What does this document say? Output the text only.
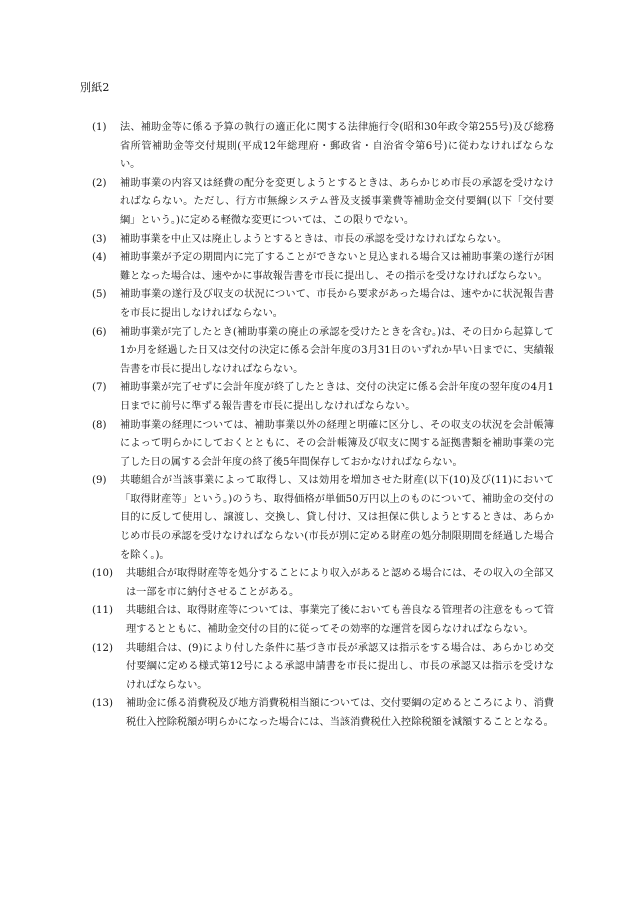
別紙2
(1)	法、補助金等に係る予算の執行の適正化に関する法律施行令(昭和30年政令第255号)及び総務省所管補助金等交付規則(平成12年総理府・郵政省・自治省令第6号)に従わなければならない。
(2)	補助事業の内容又は経費の配分を変更しようとするときは、あらかじめ市長の承認を受けなければならない。ただし、行方市無線システム普及支援事業費等補助金交付要綱(以下「交付要綱」という。)に定める軽微な変更については、この限りでない。
(3)	補助事業を中止又は廃止しようとするときは、市長の承認を受けなければならない。
(4)	補助事業が予定の期間内に完了することができないと見込まれる場合又は補助事業の遂行が困難となった場合は、速やかに事故報告書を市長に提出し、その指示を受けなければならない。
(5)	補助事業の遂行及び収支の状況について、市長から要求があった場合は、速やかに状況報告書を市長に提出しなければならない。
(6)	補助事業が完了したとき(補助事業の廃止の承認を受けたときを含む。)は、その日から起算して1か月を経過した日又は交付の決定に係る会計年度の3月31日のいずれか早い日までに、実績報告書を市長に提出しなければならない。
(7)	補助事業が完了せずに会計年度が終了したときは、交付の決定に係る会計年度の翌年度の4月1日までに前号に準ずる報告書を市長に提出しなければならない。
(8)	補助事業の経理については、補助事業以外の経理と明確に区分し、その収支の状況を会計帳簿によって明らかにしておくとともに、その会計帳簿及び収支に関する証拠書類を補助事業の完了した日の属する会計年度の終了後5年間保存しておかなければならない。
(9)	共聴組合が当該事業によって取得し、又は効用を増加させた財産(以下(10)及び(11)において「取得財産等」という。)のうち、取得価格が単価50万円以上のものについて、補助金の交付の目的に反して使用し、譲渡し、交換し、貸し付け、又は担保に供しようとするときは、あらかじめ市長の承認を受けなければならない(市長が別に定める財産の処分制限期間を経過した場合を除く。)。
(10)	共聴組合が取得財産等を処分することにより収入があると認める場合には、その収入の全部又は一部を市に納付させることがある。
(11)	共聴組合は、取得財産等については、事業完了後においても善良なる管理者の注意をもって管理するとともに、補助金交付の目的に従ってその効率的な運営を図らなければならない。
(12)	共聴組合は、(9)により付した条件に基づき市長が承認又は指示をする場合は、あらかじめ交付要綱に定める様式第12号による承認申請書を市長に提出し、市長の承認又は指示を受けなければならない。
(13)	補助金に係る消費税及び地方消費税相当額については、交付要綱の定めるところにより、消費税仕入控除税額が明らかになった場合には、当該消費税仕入控除税額を減額することとなる。
